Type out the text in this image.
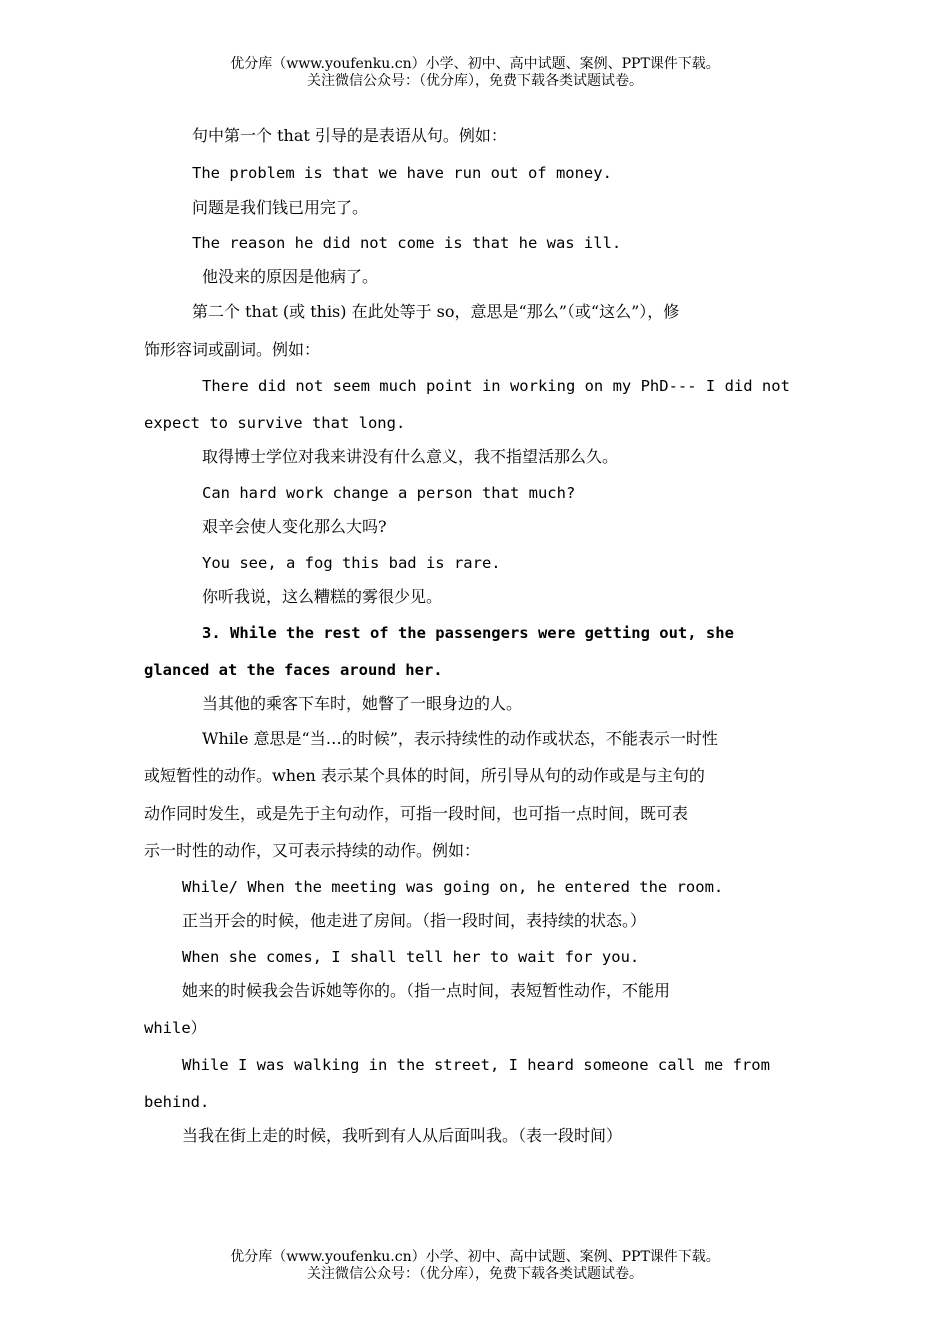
优分库（www.youfenku.cn）小学、初中、高中试题、案例、PPT课件下载。
关注微信公众号：（优分库），免费下载各类试题试卷。
句中第一个 that 引导的是表语从句。例如：
The problem is that we have run out of money.
问题是我们钱已用完了。
The reason he did not come is that he was ill.
他没来的原因是他病了。
第二个 that (或 this) 在此处等于 so，意思是“那么”（或“这么”），修
饰形容词或副词。例如：
There did not seem much point in working on my PhD--- I did not
expect to survive that long.
取得博士学位对我来讲没有什么意义，我不指望活那么久。
Can hard work change a person that much?
艰辛会使人变化那么大吗?
You see, a fog this bad is rare.
你听我说，这么糟糕的雾很少见。
3. While the rest of the passengers were getting out, she
glanced at the faces around her.
当其他的乘客下车时，她瞥了一眼身边的人。
While 意思是“当…的时候”，表示持续性的动作或状态，不能表示一时性
或短暂性的动作。when 表示某个具体的时间，所引导从句的动作或是与主句的
动作同时发生，或是先于主句动作，可指一段时间，也可指一点时间，既可表
示一时性的动作，又可表示持续的动作。例如：
While/ When the meeting was going on, he entered the room.
正当开会的时候，他走进了房间。（指一段时间，表持续的状态。）
When she comes, I shall tell her to wait for you.
她来的时候我会告诉她等你的。（指一点时间，表短暂性动作，不能用
while）
While I was walking in the street, I heard someone call me from
behind.
当我在街上走的时候，我听到有人从后面叫我。（表一段时间）
优分库（www.youfenku.cn）小学、初中、高中试题、案例、PPT课件下载。
关注微信公众号：（优分库），免费下载各类试题试卷。
